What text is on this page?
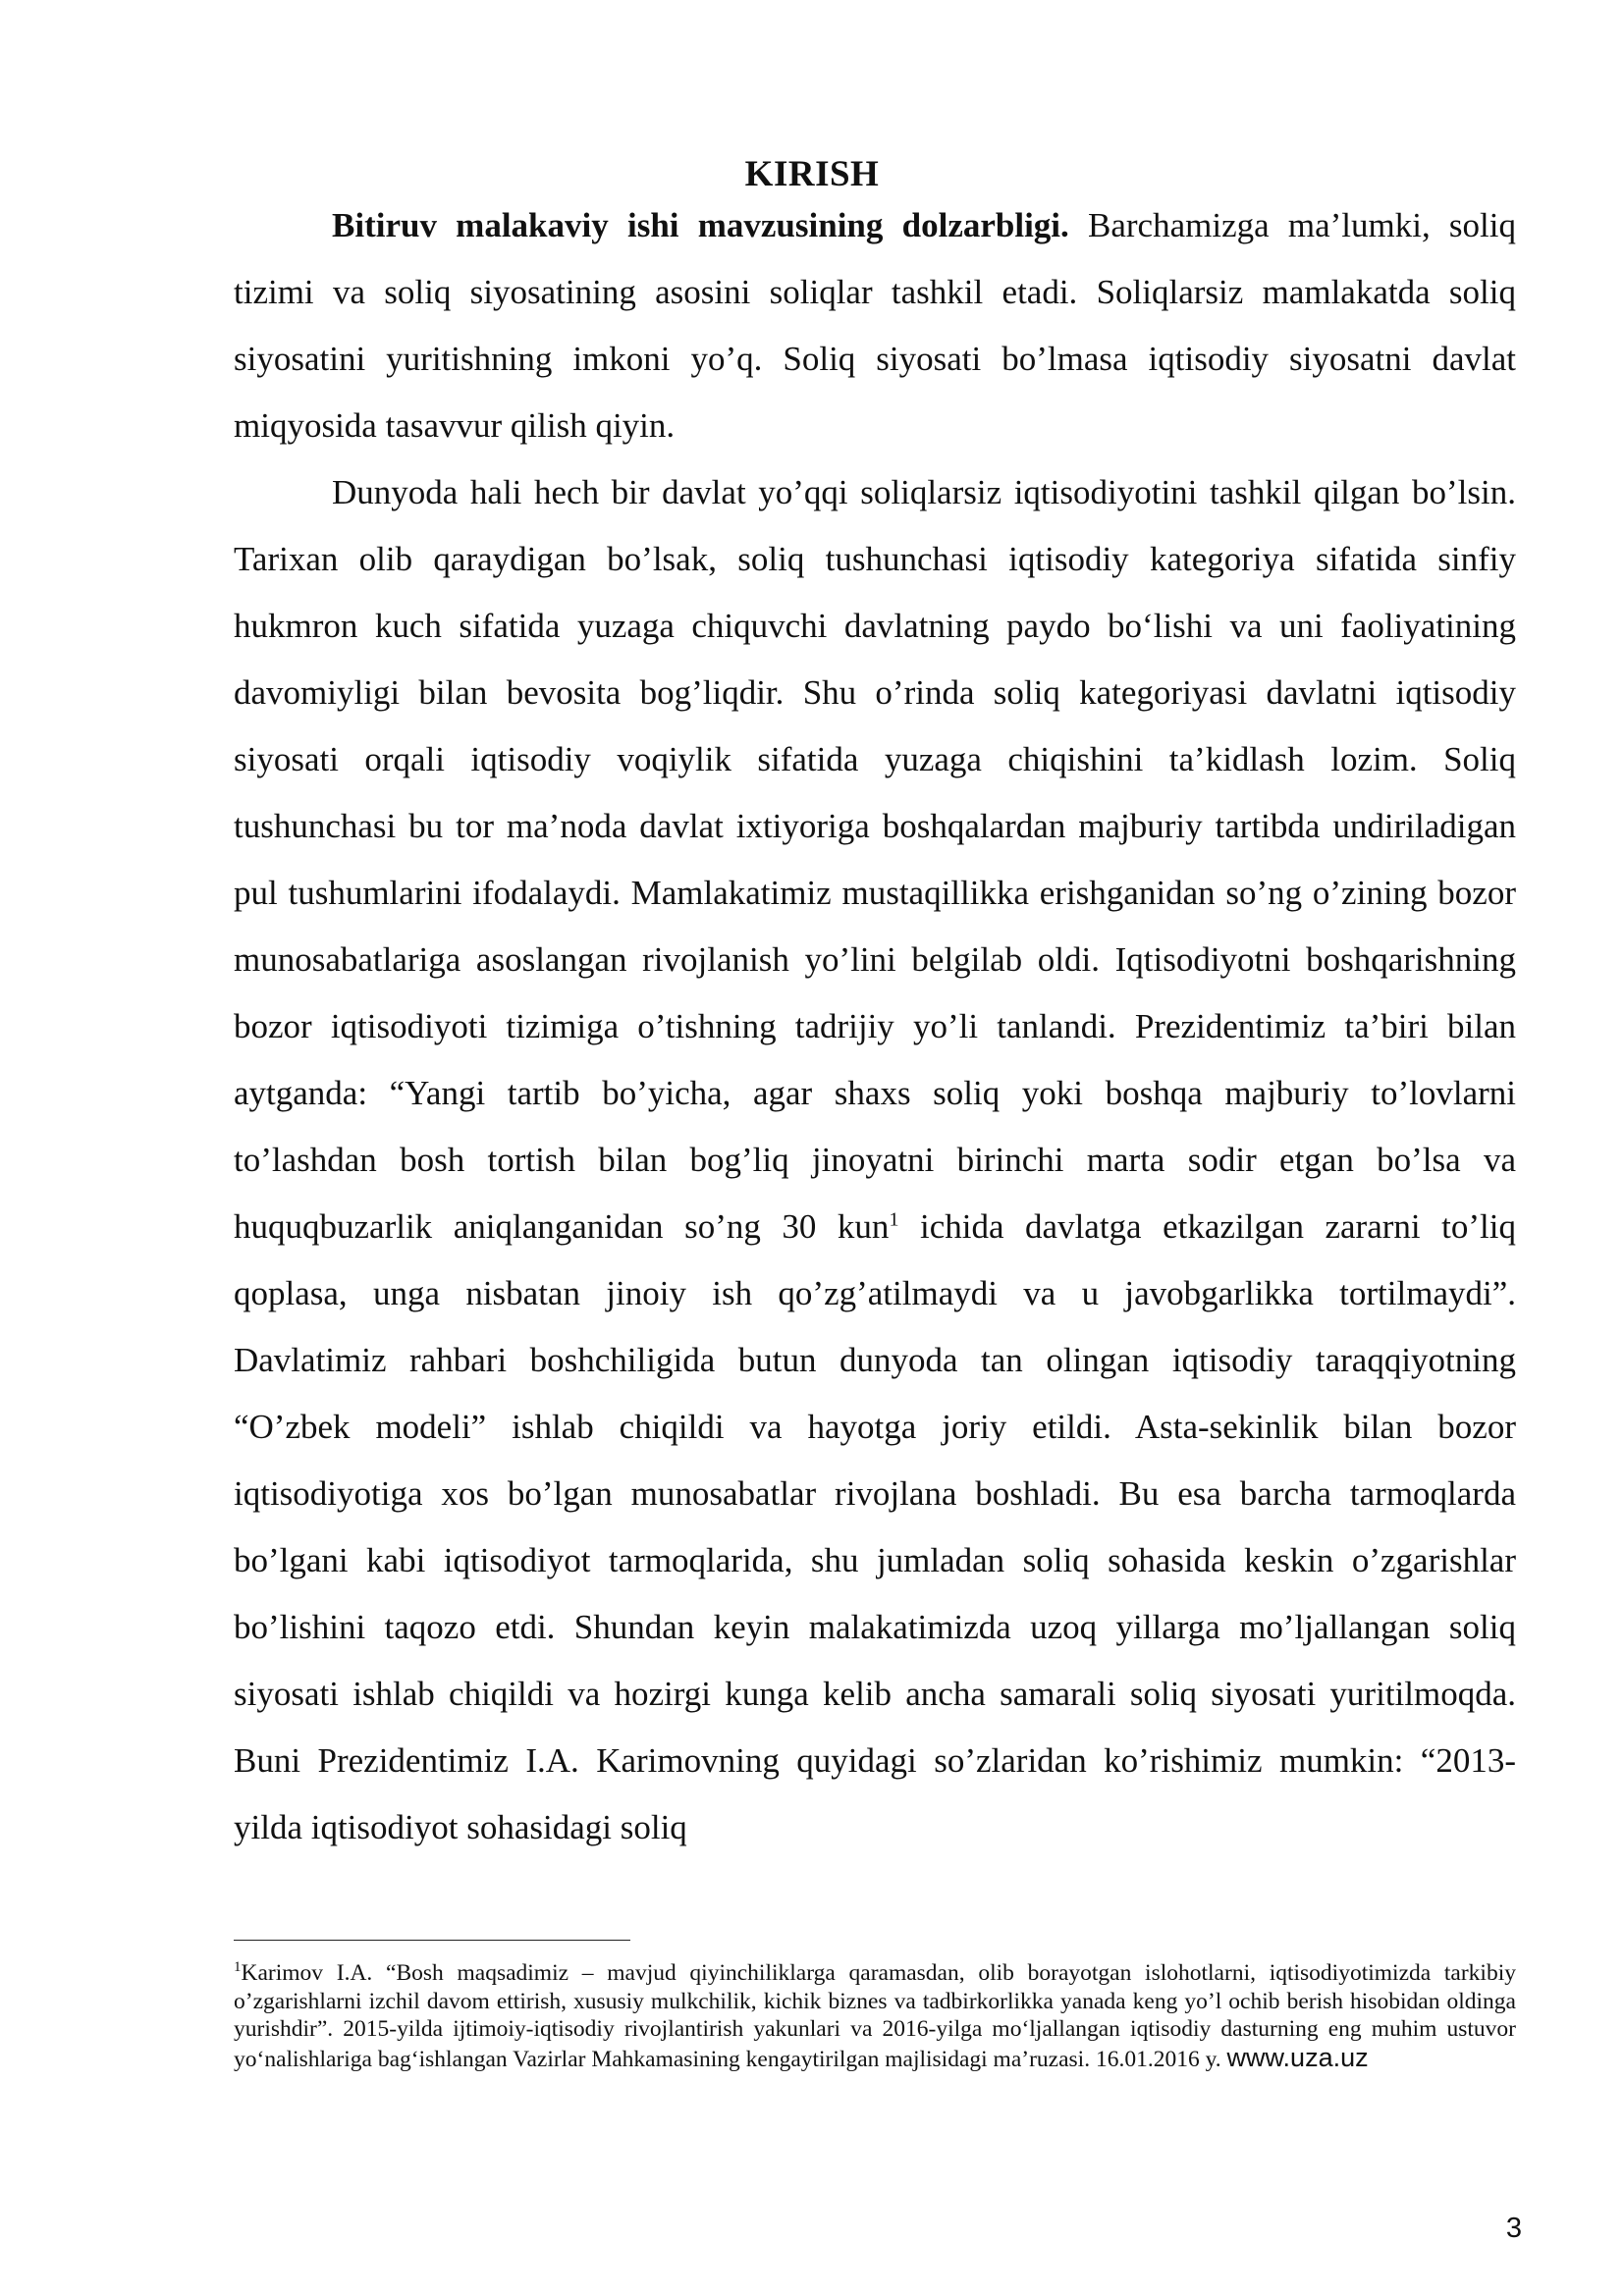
KIRISH

Bitiruv malakaviy ishi mavzusining dolzarbligi. Barchamizga ma’lumki, soliq tizimi va soliq siyosatining asosini soliqlar tashkil etadi. Soliqlarsiz mamlakatda soliq siyosatini yuritishning imkoni yo’q. Soliq siyosati bo’lmasa iqtisodiy siyosatni davlat miqyosida tasavvur qilish qiyin.

Dunyoda hali hech bir davlat yo’qqi soliqlarsiz iqtisodiyotini tashkil qilgan bo’lsin. Tarixan olib qaraydigan bo’lsak, soliq tushunchasi iqtisodiy kategoriya sifatida sinfiy hukmron kuch sifatida yuzaga chiquvchi davlatning paydo bo‘lishi va uni faoliyatining davomiyligi bilan bevosita bog’liqdir. Shu o’rinda soliq kategoriyasi davlatni iqtisodiy siyosati orqali iqtisodiy voqiylik sifatida yuzaga chiqishini ta’kidlash lozim. Soliq tushunchasi bu tor ma’noda davlat ixtiyoriga boshqalardan majburiy tartibda undiriladigan pul tushumlarini ifodalaydi. Mamlakatimiz mustaqillikka erishganidan so’ng o’zining bozor munosabatlariga asoslangan rivojlanish yo’lini belgilab oldi. Iqtisodiyotni boshqarishning bozor iqtisodiyoti tizimiga o’tishning tadrijiy yo’li tanlandi. Prezidentimiz ta’biri bilan aytganda: “Yangi tartib bo’yicha, agar shaxs soliq yoki boshqa majburiy to’lovlarni to’lashdan bosh tortish bilan bog’liq jinoyatni birinchi marta sodir etgan bo’lsa va huquqbuzarlik aniqlanganidan so’ng 30 kun$^1$ ichida davlatga etkazilgan zararni to’liq qoplasa, unga nisbatan jinoiy ish qo’zg’atilmaydi va u javobgarlikka tortilmaydi”. Davlatimiz rahbari boshchiligida butun dunyoda tan olingan iqtisodiy taraqqiyotning “O’zbek modeli” ishlab chiqildi va hayotga joriy etildi. Asta-sekinlik bilan bozor iqtisodiyotiga xos bo’lgan munosabatlar rivojlana boshladi. Bu esa barcha tarmoqlarda bo’lgani kabi iqtisodiyot tarmoqlarida, shu jumladan soliq sohasida keskin o’zgarishlar bo’lishini taqozo etdi. Shundan keyin malakatimizda uzoq yillarga mo’ljallangan soliq siyosati ishlab chiqildi va hozirgi kunga kelib ancha samarali soliq siyosati yuritilmoqda. Buni Prezidentimiz I.A. Karimovning quyidagi so’zlaridan ko’rishimiz mumkin: “2013-yilda iqtisodiyot sohasidagi soliq

$^1$Karimov I.A. “Bosh maqsadimiz – mavjud qiyinchiliklarga qaramasdan, olib borayotgan islohotlarni, iqtisodiyotimizda tarkibiy o’zgarishlarni izchil davom ettirish, xususiy mulkchilik, kichik biznes va tadbirkorlikka yanada keng yo’l ochib berish hisobidan oldinga yurishdir”. 2015-yilda ijtimoiy-iqtisodiy rivojlantirish yakunlari va 2016-yilga mo‘ljallangan iqtisodiy dasturning eng muhim ustuvor yo‘nalishlariga bag‘ishlangan Vazirlar Mahkamasining kengaytirilgan majlisidagi ma’ruzasi. 16.01.2016 y. www.uza.uz
3
